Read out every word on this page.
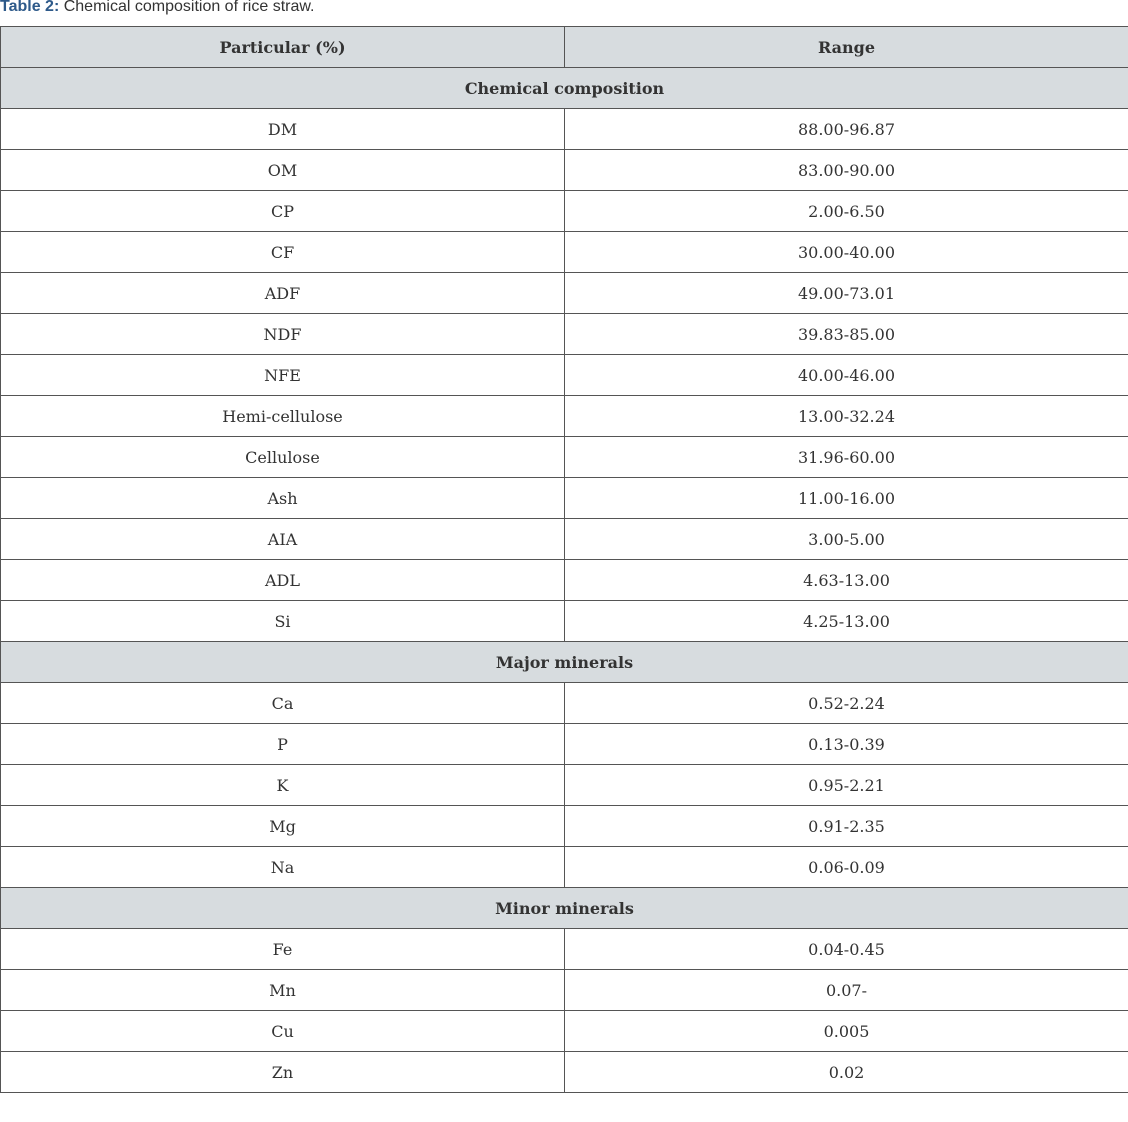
Table 2: Chemical composition of rice straw.
Particular (%)	Range
Chemical composition	
DM	88.00-96.87
OM	83.00-90.00
CP	2.00-6.50
CF	30.00-40.00
ADF	49.00-73.01
NDF	39.83-85.00
NFE	40.00-46.00
Hemi-cellulose	13.00-32.24
Cellulose	31.96-60.00
Ash	11.00-16.00
AIA	3.00-5.00
ADL	4.63-13.00
Si	4.25-13.00
Major minerals	
Ca	0.52-2.24
P	0.13-0.39
K	0.95-2.21
Mg	0.91-2.35
Na	0.06-0.09
Minor minerals	
Fe	0.04-0.45
Mn	0.07-
Cu	0.005
Zn	0.02
